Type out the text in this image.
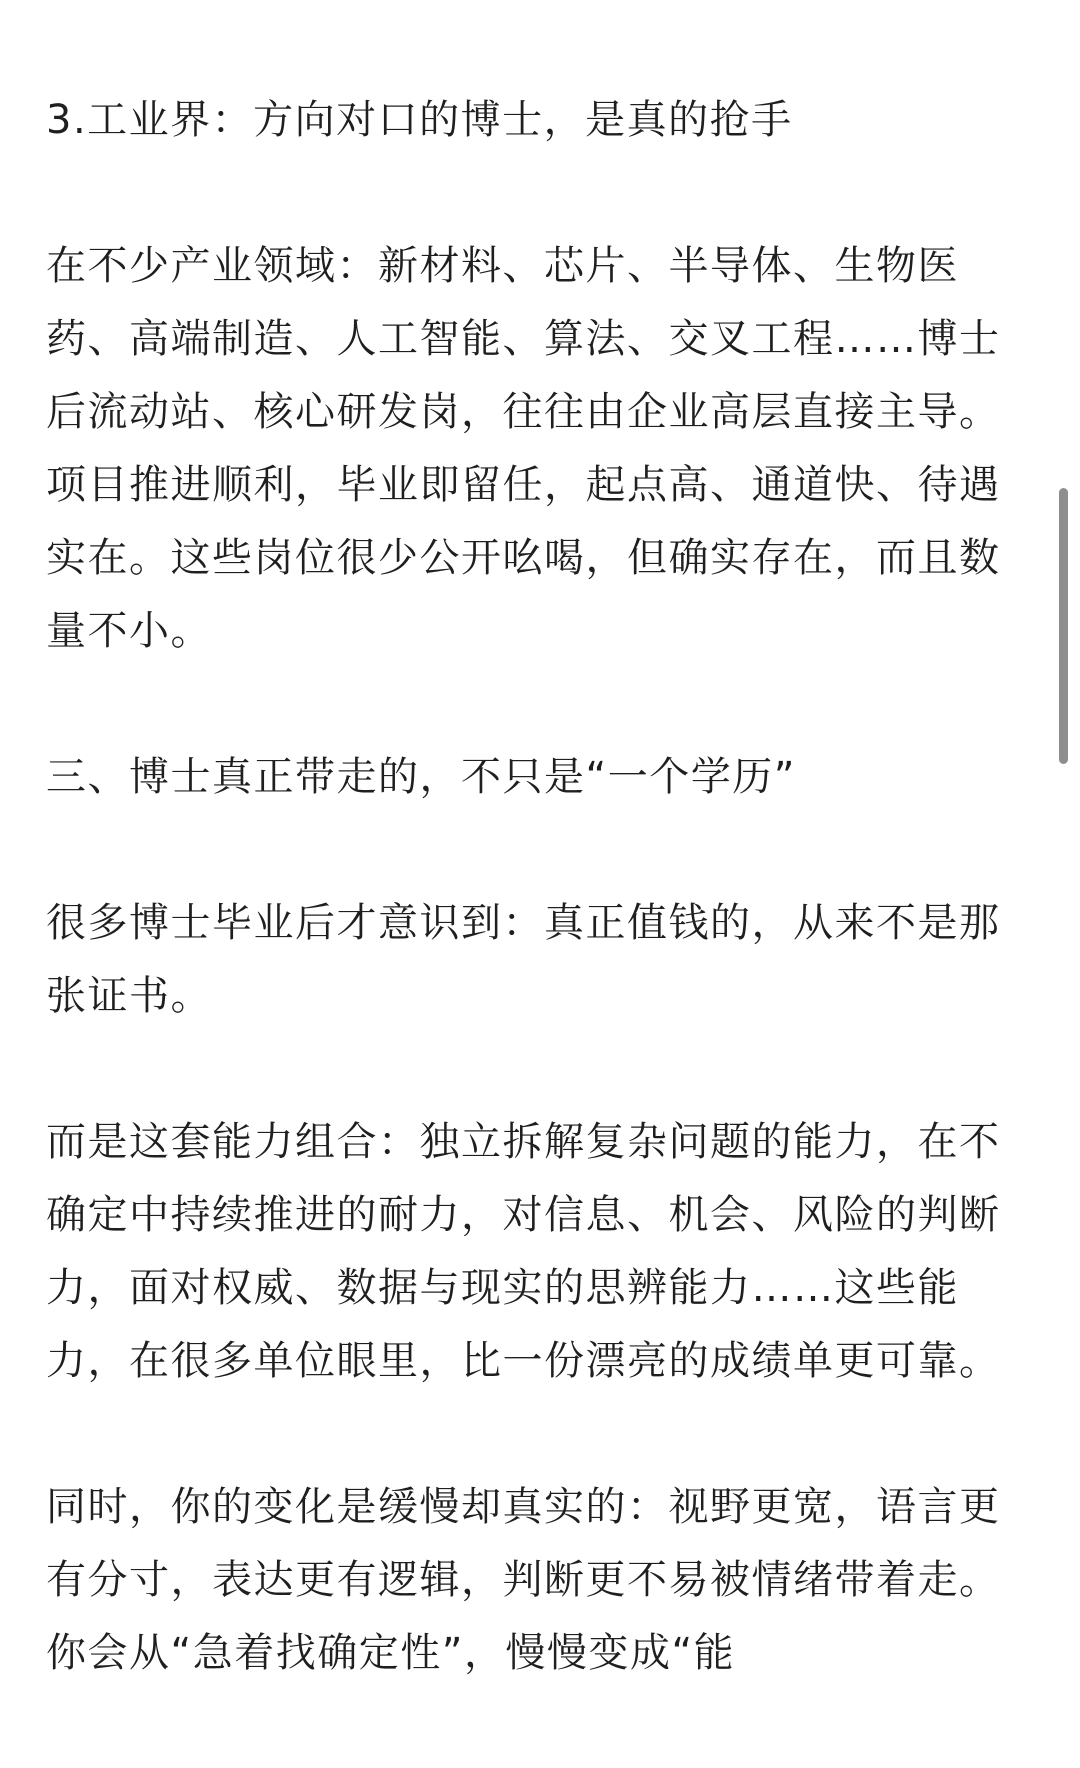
3.工业界：方向对口的博士，是真的抢手
在不少产业领域：新材料、芯片、半导体、生物医药、高端制造、人工智能、算法、交叉工程……博士后流动站、核心研发岗，往往由企业高层直接主导。项目推进顺利，毕业即留任，起点高、通道快、待遇实在。这些岗位很少公开吆喝，但确实存在，而且数量不小。
三、博士真正带走的，不只是“一个学历”
很多博士毕业后才意识到：真正值钱的，从来不是那张证书。
而是这套能力组合：独立拆解复杂问题的能力，在不确定中持续推进的耐力，对信息、机会、风险的判断力，面对权威、数据与现实的思辨能力……这些能力，在很多单位眼里，比一份漂亮的成绩单更可靠。
同时，你的变化是缓慢却真实的：视野更宽，语言更有分寸，表达更有逻辑，判断更不易被情绪带着走。你会从“急着找确定性”，慢慢变成“能
